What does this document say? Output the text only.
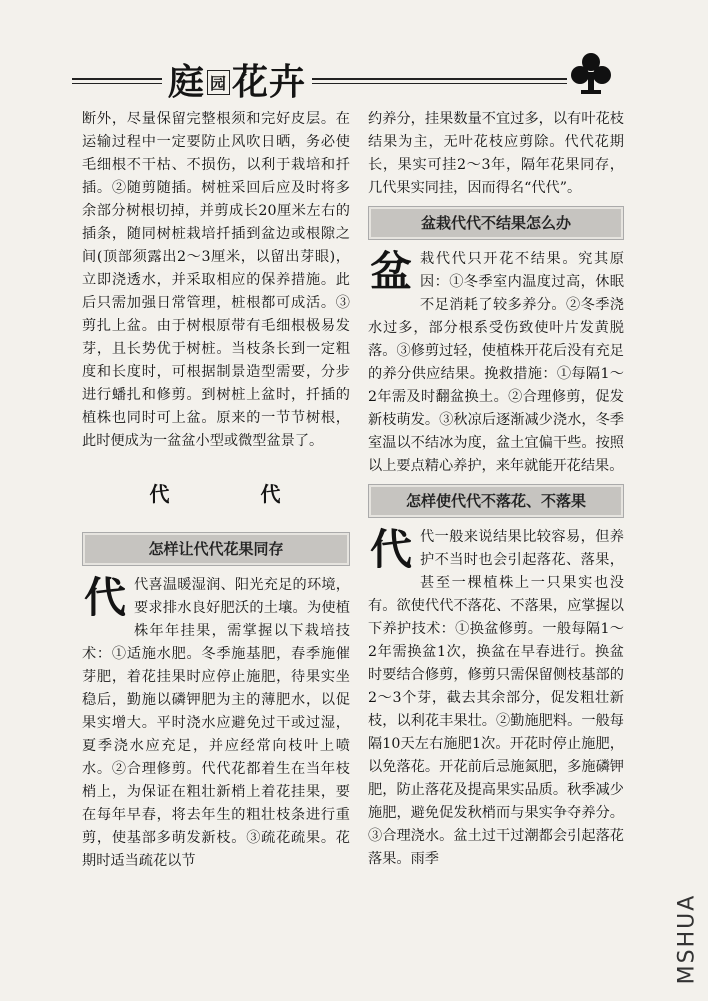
庭 园 花卉

断外，尽量保留完整根须和完好皮层。在运输过程中一定要防止风吹日晒，务必使毛细根不干枯、不损伤，以利于栽培和扦插。②随剪随插。树桩采回后应及时将多余部分树根切掉，并剪成长20厘米左右的插条，随同树桩栽培扦插到盆边或根隙之间(顶部须露出2～3厘米，以留出芽眼)，立即浇透水，并采取相应的保养措施。此后只需加强日常管理，桩根都可成活。③剪扎上盆。由于树根原带有毛细根极易发芽，且长势优于树桩。当枝条长到一定粗度和长度时，可根据制景造型需要，分步进行蟠扎和修剪。到树桩上盆时，扦插的植株也同时可上盆。原来的一节节树根，此时便成为一盆盆小型或微型盆景了。

代 代
怎样让代代花果同存

代代喜温暖湿润、阳光充足的环境，要求排水良好肥沃的土壤。为使植株年年挂果，需掌握以下栽培技术：①适施水肥。冬季施基肥，春季施催芽肥，着花挂果时应停止施肥，待果实坐稳后，勤施以磷钾肥为主的薄肥水，以促果实增大。平时浇水应避免过干或过湿，夏季浇水应充足，并应经常向枝叶上喷水。②合理修剪。代代花都着生在当年枝梢上，为保证在粗壮新梢上着花挂果，要在每年早春，将去年生的粗壮枝条进行重剪，使基部多萌发新枝。③疏花疏果。花期时适当疏花以节

约养分，挂果数量不宜过多，以有叶花枝结果为主，无叶花枝应剪除。代代花期长，果实可挂2～3年，隔年花果同存，几代果实同挂，因而得名“代代”。

盆栽代代不结果怎么办

盆栽代代只开花不结果。究其原因：①冬季室内温度过高，休眠不足消耗了较多养分。②冬季浇水过多，部分根系受伤致使叶片发黄脱落。③修剪过轻，使植株开花后没有充足的养分供应结果。挽救措施：①每隔1～2年需及时翻盆换土。②合理修剪，促发新枝萌发。③秋凉后逐渐减少浇水，冬季室温以不结冰为度，盆土宜偏干些。按照以上要点精心养护，来年就能开花结果。

怎样使代代不落花、不落果

代代一般来说结果比较容易，但养护不当时也会引起落花、落果，甚至一棵植株上一只果实也没有。欲使代代不落花、不落果，应掌握以下养护技术：①换盆修剪。一般每隔1～2年需换盆1次，换盆在早春进行。换盆时要结合修剪，修剪只需保留侧枝基部的2～3个芽，截去其余部分，促发粗壮新枝，以利花丰果壮。②勤施肥料。一般每隔10天左右施肥1次。开花时停止施肥，以免落花。开花前后忌施氮肥，多施磷钾肥，防止落花及提高果实品质。秋季减少施肥，避免促发秋梢而与果实争夺养分。③合理浇水。盆土过干过潮都会引起落花落果。雨季

MSHUA
